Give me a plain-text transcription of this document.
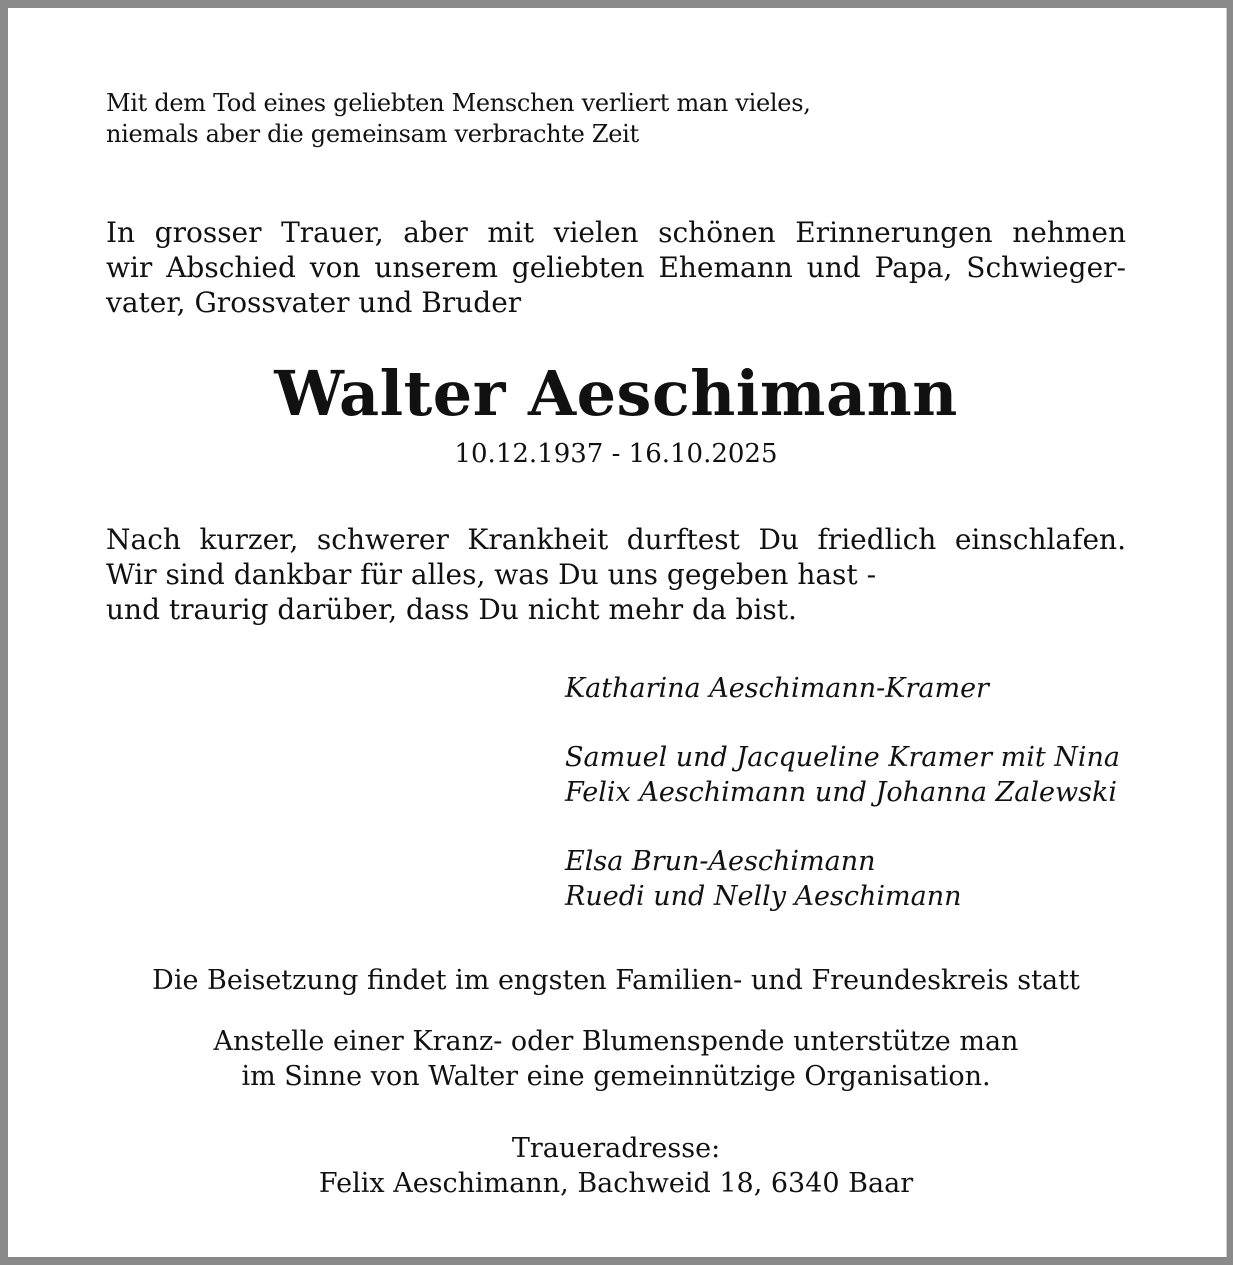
Mit dem Tod eines geliebten Menschen verliert man vieles,
niemals aber die gemeinsam verbrachte Zeit

In grosser Trauer, aber mit vielen schönen Erinnerungen nehmen
wir Abschied von unserem geliebten Ehemann und Papa, Schwieger-
vater, Grossvater und Bruder

Walter Aeschimann

10.12.1937 - 16.10.2025

Nach kurzer, schwerer Krankheit durftest Du friedlich einschlafen.
Wir sind dankbar für alles, was Du uns gegeben hast -
und traurig darüber, dass Du nicht mehr da bist.

Katharina Aeschimann-Kramer
Samuel und Jacqueline Kramer mit Nina
Felix Aeschimann und Johanna Zalewski
Elsa Brun-Aeschimann
Ruedi und Nelly Aeschimann

Die Beisetzung findet im engsten Familien- und Freundeskreis statt

Anstelle einer Kranz- oder Blumenspende unterstütze man
im Sinne von Walter eine gemeinnützige Organisation.

Traueradresse:
Felix Aeschimann, Bachweid 18, 6340 Baar
